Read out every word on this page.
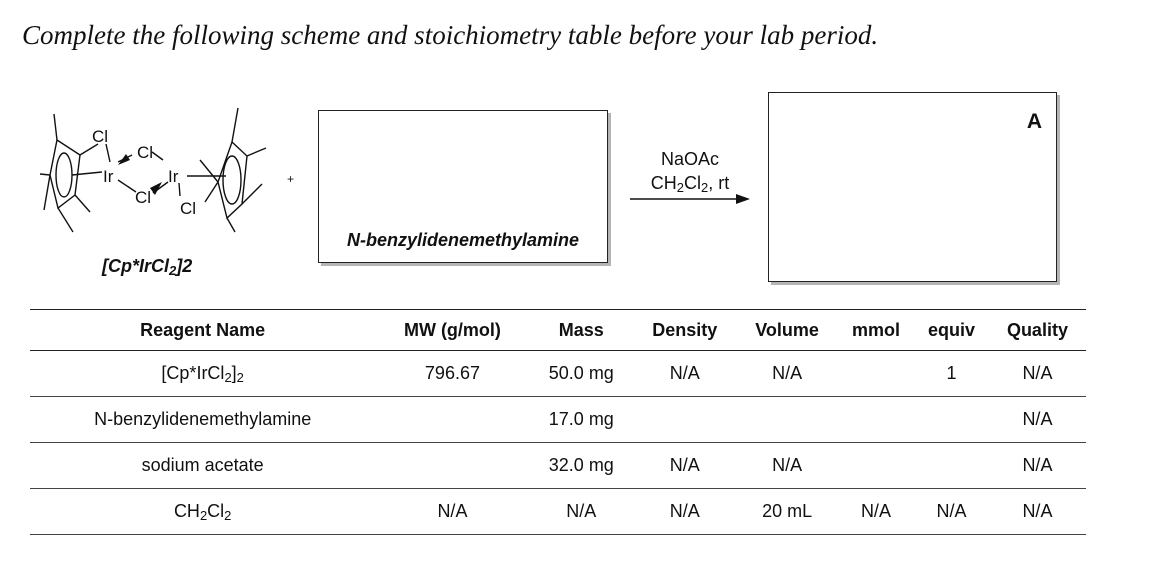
Complete the following scheme and stoichiometry table before your lab period.
Cl
Ir
Cl
Cl
Ir
Cl
[Cp*IrCl$_2$]2
+
N-benzylidenemethylamine
NaOAc
$CH_2Cl_2$, rt
A
Reagent Name	MW (g/mol)	Mass	Density	Volume	mmol	equiv	Quality
$[Cp*IrCl_2]_2$	796.67	50.0 mg	N/A	N/A		1	N/A
N-benzylidenemethylamine		17.0 mg					N/A
sodium acetate		32.0 mg	N/A	N/A			N/A
$CH_2Cl_2$	N/A	N/A	N/A	20 mL	N/A	N/A	N/A
